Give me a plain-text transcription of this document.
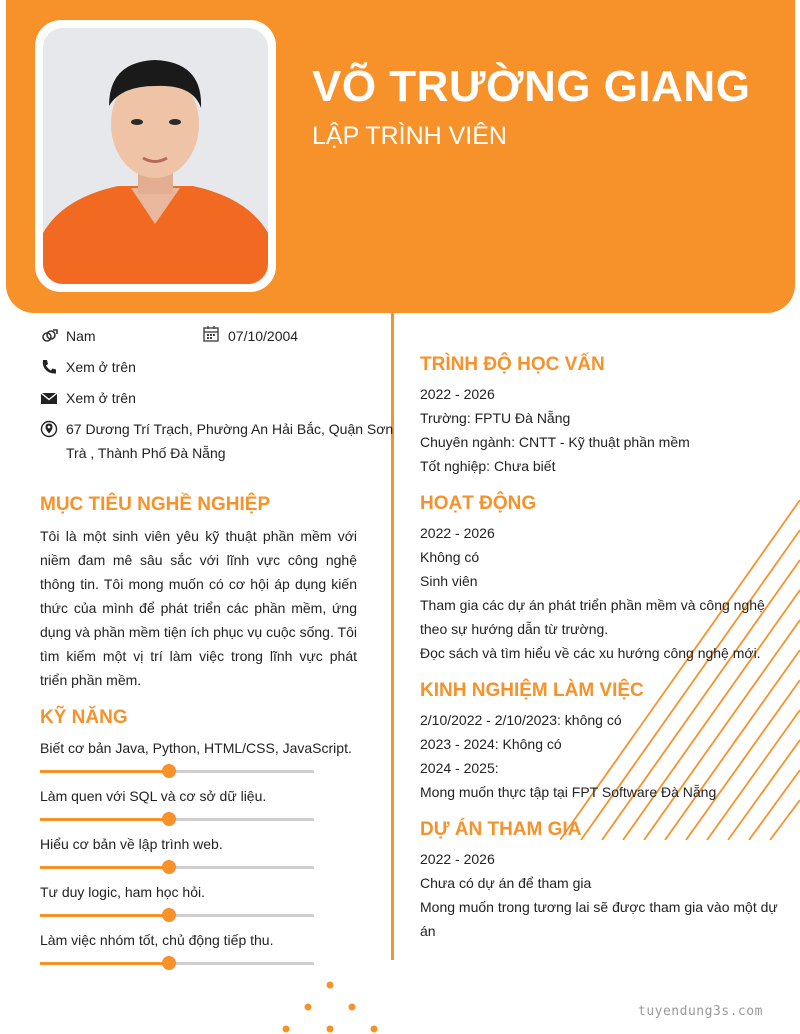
VÕ TRƯỜNG GIANG
LẬP TRÌNH VIÊN
Nam	07/10/2004
Xem ở trên
Xem ở trên
67 Dương Trí Trạch, Phường An Hải Bắc, Quận Sơn Trà , Thành Phố Đà Nẵng
MỤC TIÊU NGHỀ NGHIỆP
Tôi là một sinh viên yêu kỹ thuật phần mềm với niềm đam mê sâu sắc với lĩnh vực công nghệ thông tin. Tôi mong muốn có cơ hội áp dụng kiến thức của mình để phát triển các phần mềm, ứng dụng và phần mềm tiện ích phục vụ cuộc sống. Tôi tìm kiếm một vị trí làm việc trong lĩnh vực phát triển phần mềm.
KỸ NĂNG
Biết cơ bản Java, Python, HTML/CSS, JavaScript.
Làm quen với SQL và cơ sở dữ liệu.
Hiểu cơ bản về lập trình web.
Tư duy logic, ham học hỏi.
Làm việc nhóm tốt, chủ động tiếp thu.
TRÌNH ĐỘ HỌC VẤN
2022 - 2026
Trường: FPTU Đà Nẵng
Chuyên ngành: CNTT - Kỹ thuật phần mềm
Tốt nghiệp: Chưa biết
HOẠT ĐỘNG
2022 - 2026
Không có
Sinh viên
Tham gia các dự án phát triển phần mềm và công nghệ
theo sự hướng dẫn từ trường.
Đọc sách và tìm hiểu về các xu hướng công nghệ mới.
KINH NGHIỆM LÀM VIỆC
2/10/2022 - 2/10/2023: không có
2023 - 2024: Không có
2024 - 2025:
Mong muốn thực tập tại FPT Software Đà Nẵng
DỰ ÁN THAM GIA
2022 - 2026
Chưa có dự án để tham gia
Mong muốn trong tương lai sẽ được tham gia vào một dự
án
tuyendung3s.com
